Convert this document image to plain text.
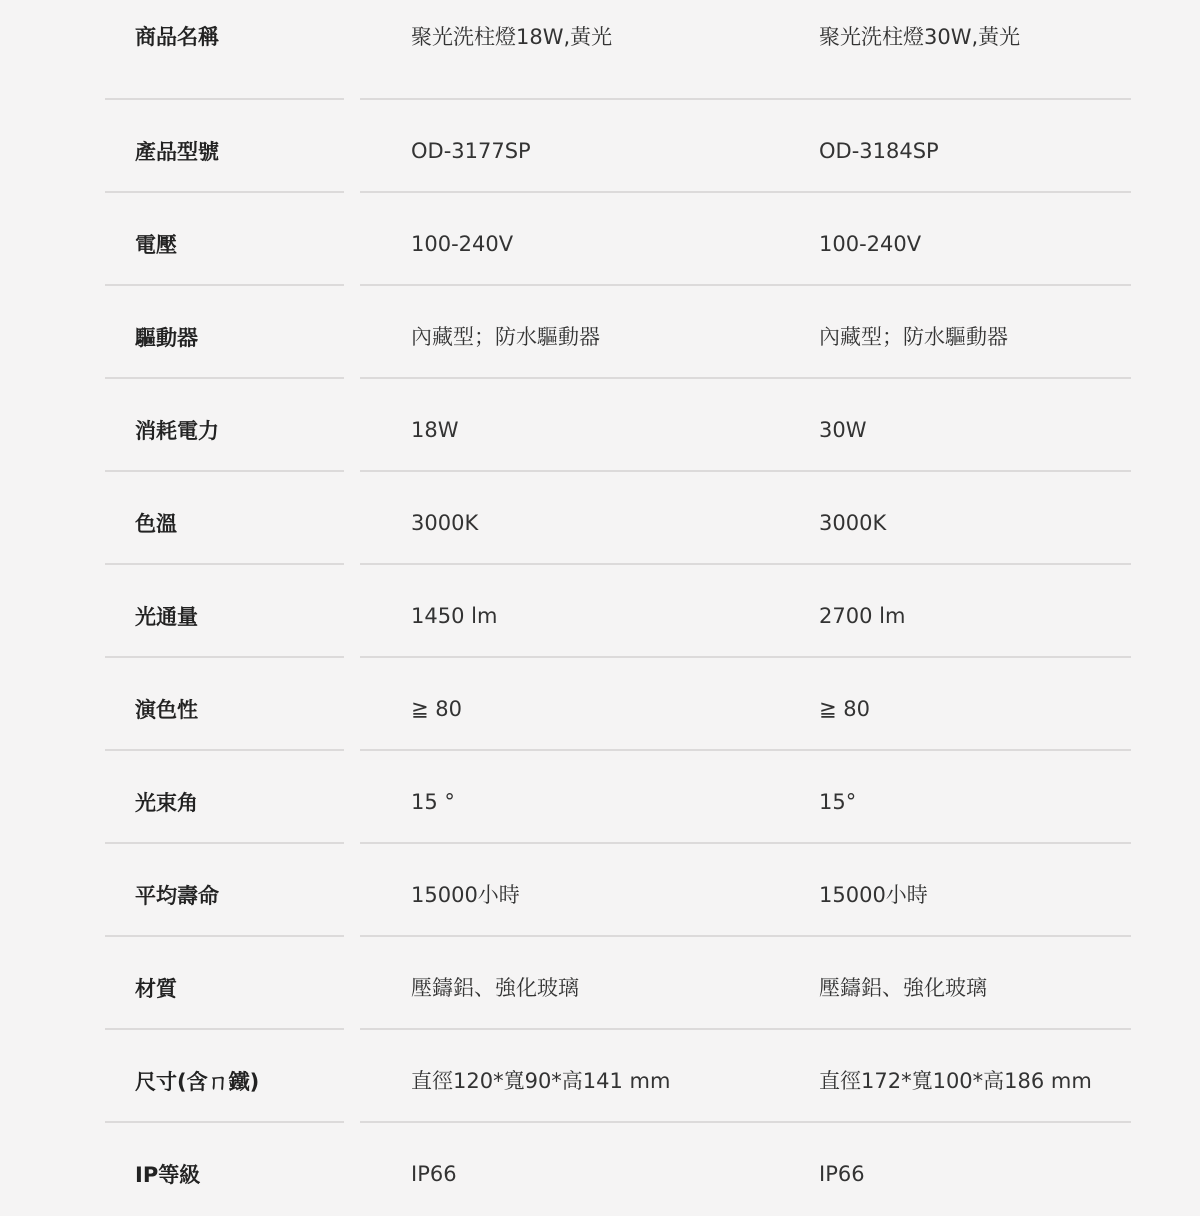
商品名稱	聚光洗柱燈18W,黃光	聚光洗柱燈30W,黃光
產品型號	OD-3177SP	OD-3184SP
電壓	100-240V	100-240V
驅動器	內藏型；防水驅動器	內藏型；防水驅動器
消耗電力	18W	30W
色溫	3000K	3000K
光通量	1450 lm	2700 lm
演色性	≧ 80	≧ 80
光束角	15 °	15°
平均壽命	15000小時	15000小時
材質	壓鑄鋁、強化玻璃	壓鑄鋁、強化玻璃
尺寸(含ㄇ鐵)	直徑120*寬90*高141 mm	直徑172*寬100*高186 mm
IP等級	IP66	IP66
